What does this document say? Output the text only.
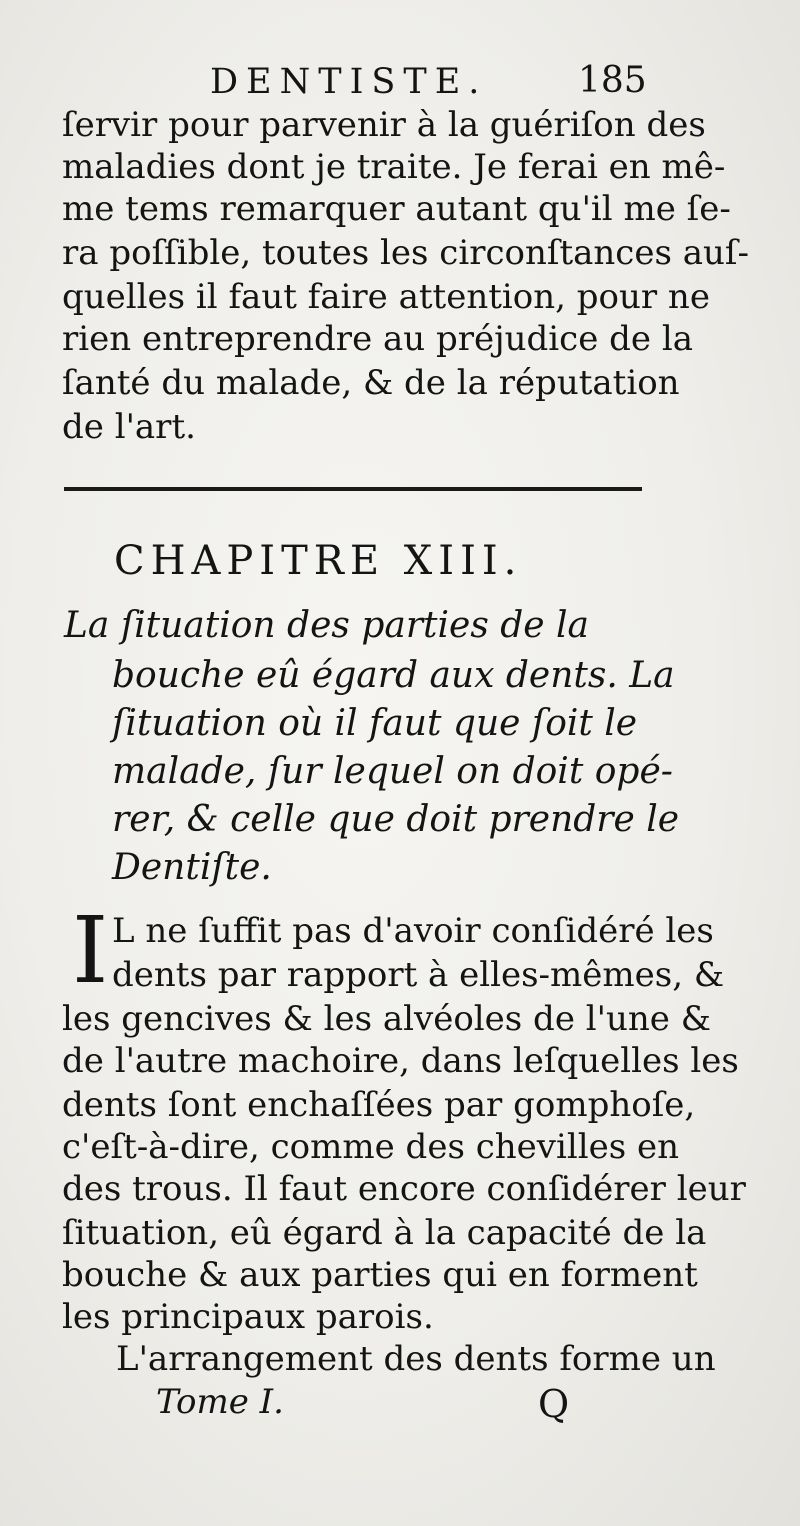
DENTISTE.	185
ſervir pour parvenir à la guériſon des
maladies dont je traite. Je ferai en mê-
me tems remarquer autant qu'il me ſe-
ra poſſible, toutes les circonſtances auſ-
quelles il faut faire attention, pour ne
rien entreprendre au préjudice de la
ſanté du malade, & de la réputation
de l'art.
CHAPITRE XIII.
La ſituation des parties de la
bouche eû égard aux dents. La
ſituation où il faut que ſoit le
malade, ſur lequel on doit opé-
rer, & celle que doit prendre le
Dentiſte.
I L ne ſuffit pas d'avoir conſidéré les
dents par rapport à elles-mêmes, &
les gencives & les alvéoles de l'une &
de l'autre machoire, dans leſquelles les
dents ſont enchaſſées par gomphoſe,
c'eſt-à-dire, comme des chevilles en
des trous. Il faut encore conſidérer leur
ſituation, eû égard à la capacité de la
bouche & aux parties qui en forment
les principaux parois.
L'arrangement des dents forme un
Tome I.	Q
